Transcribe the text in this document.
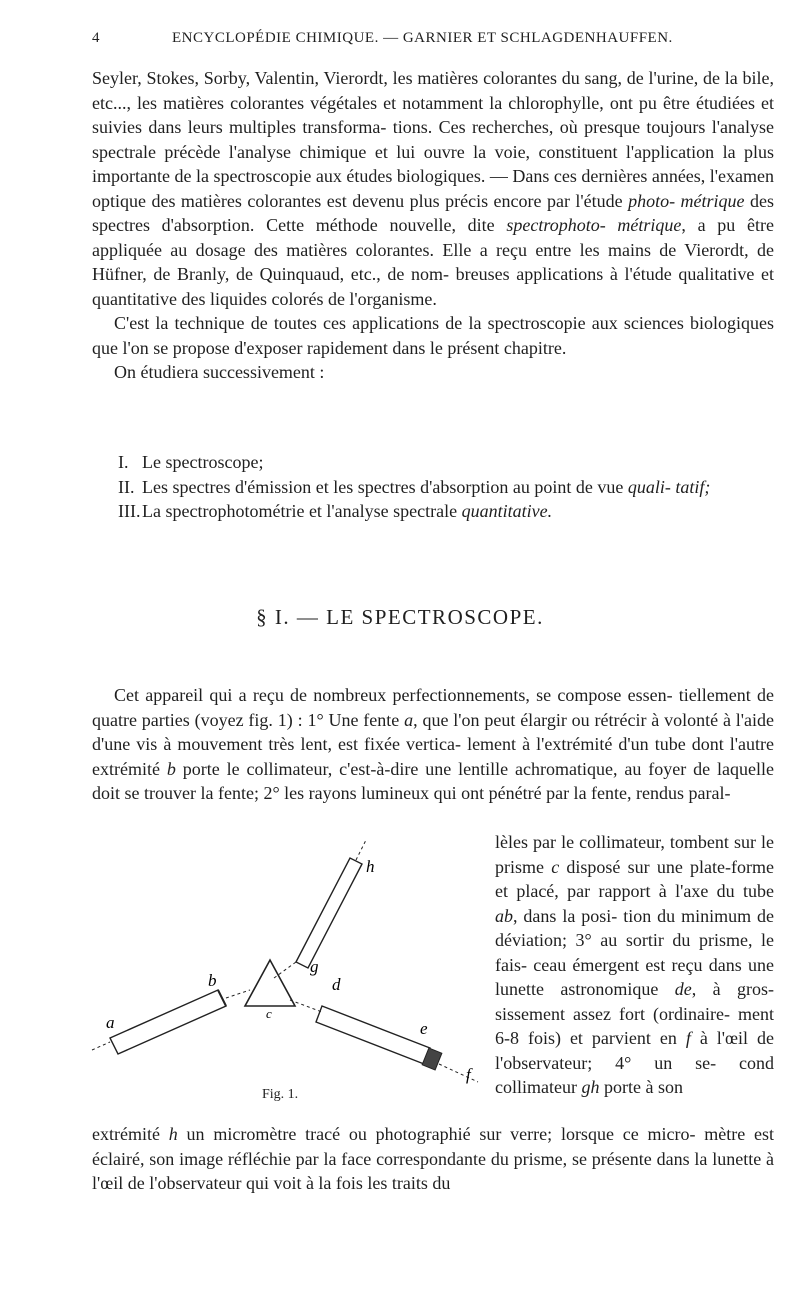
4	ENCYCLOPÉDIE CHIMIQUE. — GARNIER ET SCHLAGDENHAUFFEN.

Seyler, Stokes, Sorby, Valentin, Vierordt, les matières colorantes du sang, de l'urine, de la bile, etc..., les matières colorantes végétales et notamment la chlorophylle, ont pu être étudiées et suivies dans leurs multiples transforma- tions. Ces recherches, où presque toujours l'analyse spectrale précède l'analyse chimique et lui ouvre la voie, constituent l'application la plus importante de la spectroscopie aux études biologiques. — Dans ces dernières années, l'examen optique des matières colorantes est devenu plus précis encore par l'étude photo- métrique des spectres d'absorption. Cette méthode nouvelle, dite spectrophoto- métrique, a pu être appliquée au dosage des matières colorantes. Elle a reçu entre les mains de Vierordt, de Hüfner, de Branly, de Quinquaud, etc., de nom- breuses applications à l'étude qualitative et quantitative des liquides colorés de l'organisme.

C'est la technique de toutes ces applications de la spectroscopie aux sciences biologiques que l'on se propose d'exposer rapidement dans le présent chapitre.

On étudiera successivement :

I. Le spectroscope;
II. Les spectres d'émission et les spectres d'absorption au point de vue quali- tatif;
III.La spectrophotométrie et l'analyse spectrale quantitative.
§ I. — LE SPECTROSCOPE.

Cet appareil qui a reçu de nombreux perfectionnements, se compose essen- tiellement de quatre parties (voyez fig. 1) : 1° Une fente a, que l'on peut élargir ou rétrécir à volonté à l'aide d'une vis à mouvement très lent, est fixée vertica- lement à l'extrémité d'un tube dont l'autre extrémité b porte le collimateur, c'est-à-dire une lentille achromatique, au foyer de laquelle doit se trouver la fente; 2° les rayons lumineux qui ont pénétré par la fente, rendus paral-

lèles par le collimateur, tombent sur le prisme c disposé sur une plate-forme et placé, par rapport à l'axe du tube ab, dans la posi- tion du minimum de déviation; 3° au sortir du prisme, le fais- ceau émergent est reçu dans une lunette astronomique de, à gros- sissement assez fort (ordinaire- ment 6-8 fois) et parvient en f à l'œil de l'observateur; 4° un se- cond collimateur gh porte à son
a
b	d
e
f
g
h
c
Fig. 1.
extrémité h un micromètre tracé ou photographié sur verre; lorsque ce micro- mètre est éclairé, son image réfléchie par la face correspondante du prisme, se présente dans la lunette à l'œil de l'observateur qui voit à la fois les traits du
